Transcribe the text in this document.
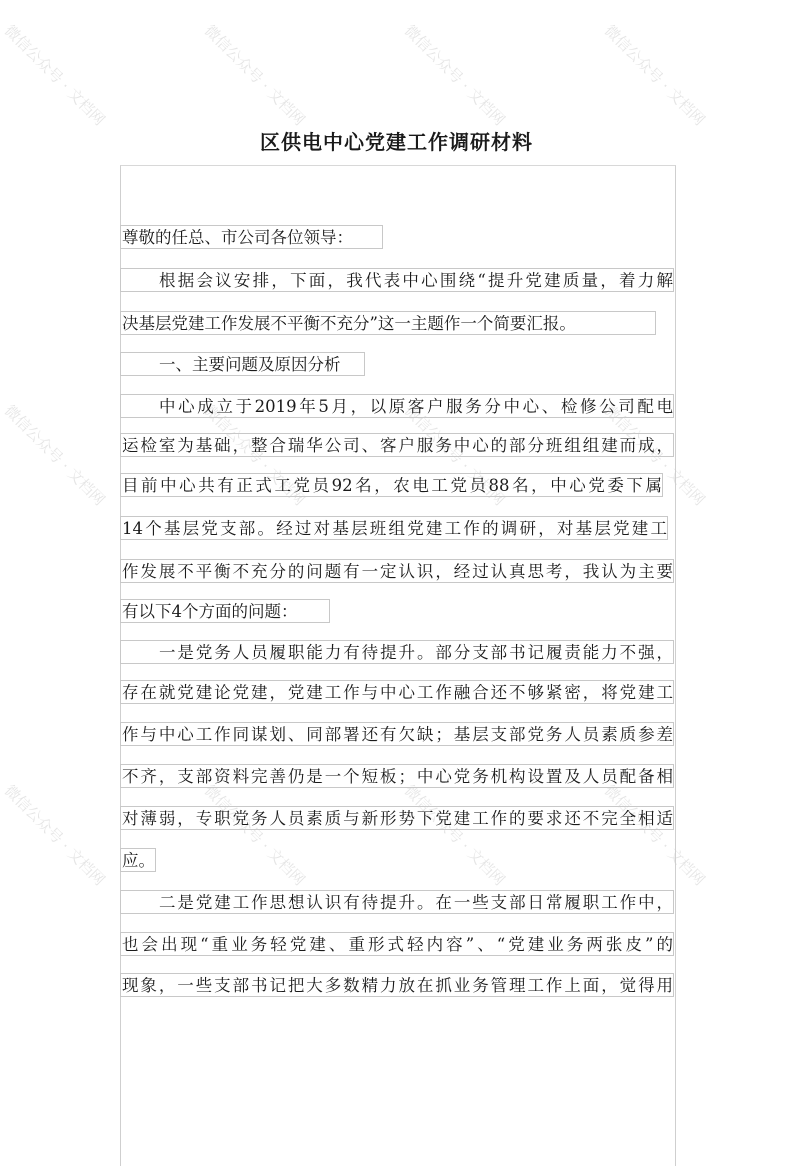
微信公众号 · 文档网	微信公众号 · 文档网	微信公众号 · 文档网	微信公众号 · 文档网
微信公众号 · 文档网	微信公众号 · 文档网	微信公众号 · 文档网	微信公众号 · 文档网
微信公众号 · 文档网	微信公众号 · 文档网	微信公众号 · 文档网	微信公众号 · 文档网
区供电中心党建工作调研材料
尊敬的任总、市公司各位领导：
根据会议安排，下面，我代表中心围绕“提升党建质量，着力解
决基层党建工作发展不平衡不充分”这一主题作一个简要汇报。
一、主要问题及原因分析
中心成立于2019年5月，以原客户服务分中心、检修公司配电
运检室为基础，整合瑞华公司、客户服务中心的部分班组组建而成，
目前中心共有正式工党员92名，农电工党员88名，中心党委下属
14个基层党支部。经过对基层班组党建工作的调研，对基层党建工
作发展不平衡不充分的问题有一定认识，经过认真思考，我认为主要
有以下4个方面的问题：
一是党务人员履职能力有待提升。部分支部书记履责能力不强，
存在就党建论党建，党建工作与中心工作融合还不够紧密，将党建工
作与中心工作同谋划、同部署还有欠缺；基层支部党务人员素质参差
不齐，支部资料完善仍是一个短板；中心党务机构设置及人员配备相
对薄弱，专职党务人员素质与新形势下党建工作的要求还不完全相适
应。
二是党建工作思想认识有待提升。在一些支部日常履职工作中，
也会出现“重业务轻党建、重形式轻内容”、“党建业务两张皮”的
现象，一些支部书记把大多数精力放在抓业务管理工作上面，觉得用
